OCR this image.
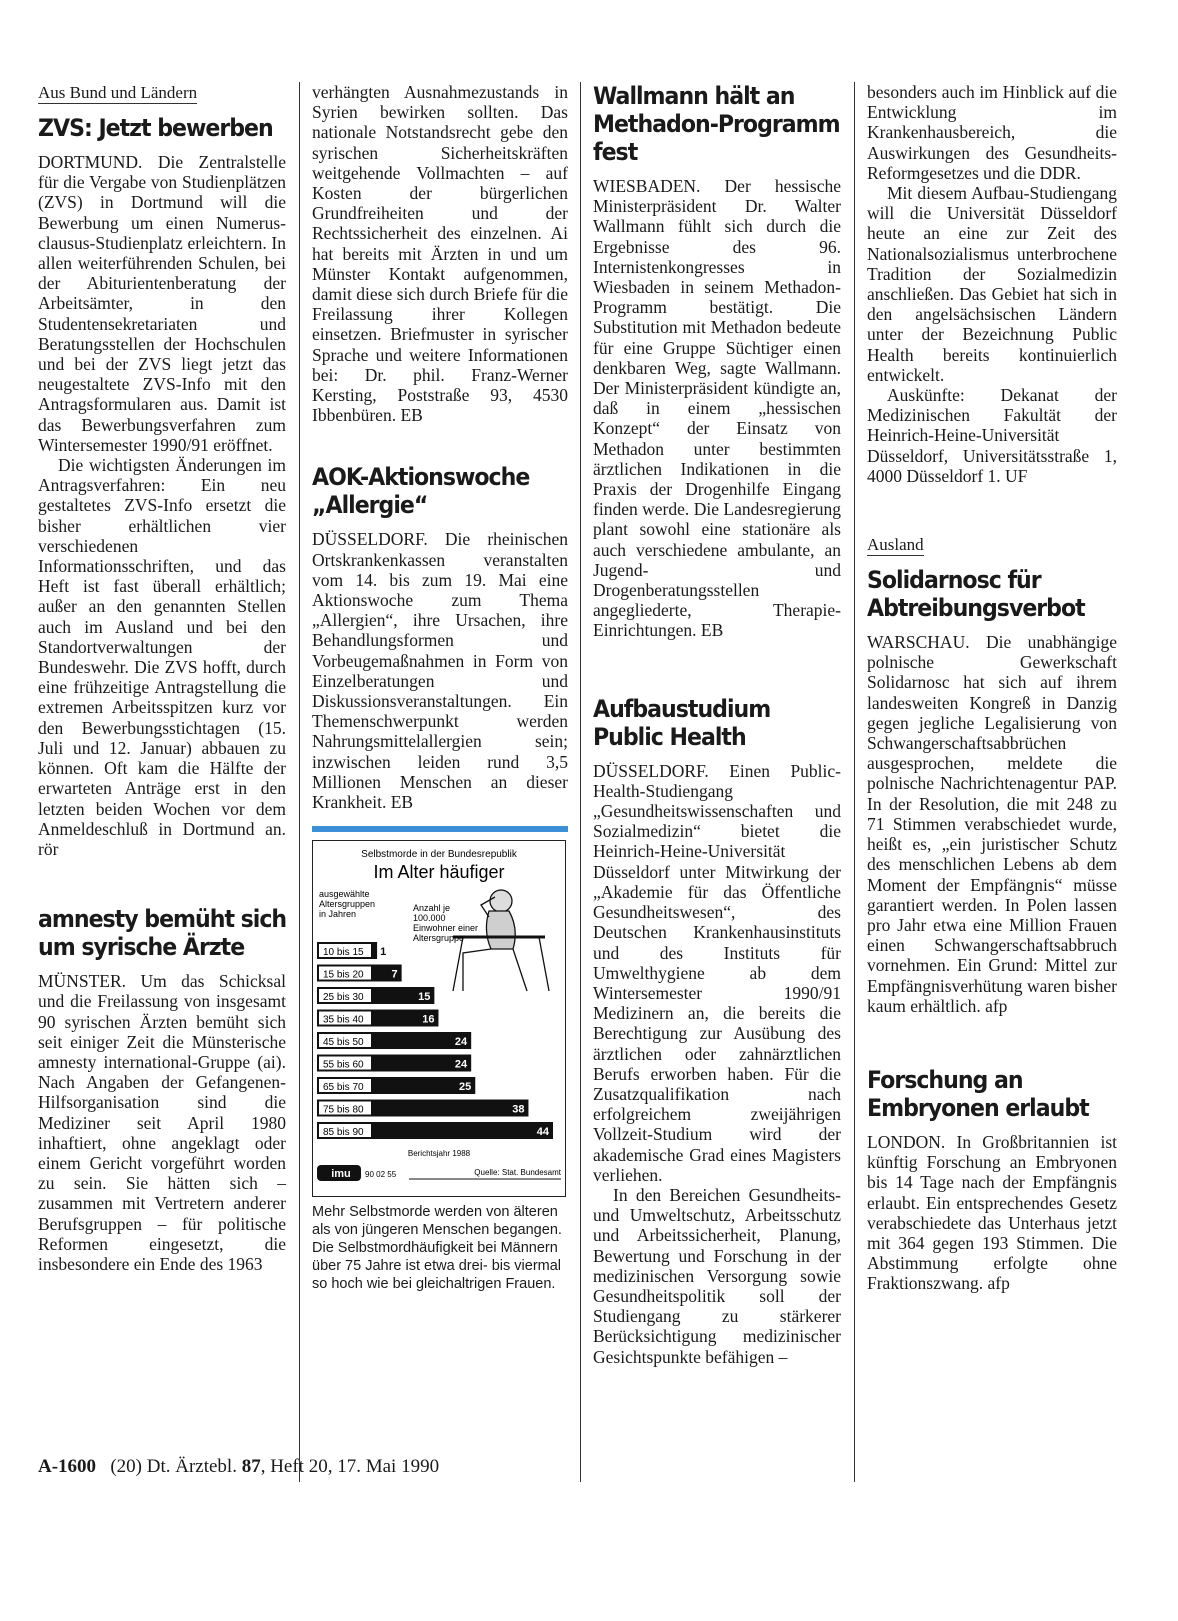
Aus Bund und Ländern
ZVS: Jetzt bewerben

DORTMUND. Die Zentralstelle für die Vergabe von Studienplätzen (ZVS) in Dortmund will die Bewerbung um einen Numerus-clausus-Studienplatz erleichtern. In allen weiterführenden Schulen, bei der Abiturientenberatung der Arbeitsämter, in den Studentensekretariaten und Beratungsstellen der Hochschulen und bei der ZVS liegt jetzt das neugestaltete ZVS-Info mit den Antragsformularen aus. Damit ist das Bewerbungsverfahren zum Wintersemester 1990/91 eröffnet.

Die wichtigsten Änderungen im Antragsverfahren: Ein neu gestaltetes ZVS-Info ersetzt die bisher erhältlichen vier verschiedenen Informationsschriften, und das Heft ist fast überall erhältlich; außer an den genannten Stellen auch im Ausland und bei den Standortverwaltungen der Bundeswehr. Die ZVS hofft, durch eine frühzeitige Antragstellung die extremen Arbeitsspitzen kurz vor den Bewerbungsstichtagen (15. Juli und 12. Januar) abbauen zu können. Oft kam die Hälfte der erwarteten Anträge erst in den letzten beiden Wochen vor dem Anmeldeschluß in Dortmund an. rör

amnesty bemüht sich
um syrische Ärzte

MÜNSTER. Um das Schicksal und die Freilassung von insgesamt 90 syrischen Ärzten bemüht sich seit einiger Zeit die Münsterische amnesty international-Gruppe (ai). Nach Angaben der Gefangenen-Hilfsorganisation sind die Mediziner seit April 1980 inhaftiert, ohne angeklagt oder einem Gericht vorgeführt worden zu sein. Sie hätten sich – zusammen mit Vertretern anderer Berufsgruppen – für politische Reformen eingesetzt, die insbesondere ein Ende des 1963

verhängten Ausnahmezustands in Syrien bewirken sollten. Das nationale Notstandsrecht gebe den syrischen Sicherheitskräften weitgehende Vollmachten – auf Kosten der bürgerlichen Grundfreiheiten und der Rechtssicherheit des einzelnen. Ai hat bereits mit Ärzten in und um Münster Kontakt aufgenommen, damit diese sich durch Briefe für die Freilassung ihrer Kollegen einsetzen. Briefmuster in syrischer Sprache und weitere Informationen bei: Dr. phil. Franz-Werner Kersting, Poststraße 93, 4530 Ibbenbüren. EB

AOK-Aktionswoche
„Allergie“

DÜSSELDORF. Die rheinischen Ortskrankenkassen veranstalten vom 14. bis zum 19. Mai eine Aktionswoche zum Thema „Allergien“, ihre Ursachen, ihre Behandlungsformen und Vorbeugemaßnahmen in Form von Einzelberatungen und Diskussionsveranstaltungen. Ein Themenschwerpunkt werden Nahrungsmittelallergien sein; inzwischen leiden rund 3,5 Millionen Menschen an dieser Krankheit. EB

Selbstmorde in der Bundesrepublik
Im Alter häufiger
ausgewählte
Altersgruppen
in Jahren
Anzahl je
100.000
Einwohner einer
Altersgruppe
10 bis 15 1
15 bis 20	7
25 bis 30	15
35 bis 40	16
45 bis 50	24
55 bis 60	24
65 bis 70	25
75 bis 80	38
85 bis 90	44
Berichtsjahr 1988
imu 90 02 55	Quelle: Stat. Bundesamt
Mehr Selbstmorde werden von älteren als von jüngeren Menschen begangen. Die Selbstmordhäufigkeit bei Männern über 75 Jahre ist etwa drei- bis viermal so hoch wie bei gleichaltrigen Frauen.
Wallmann hält an
Methadon-Programm
fest

WIESBADEN. Der hessische Ministerpräsident Dr. Walter Wallmann fühlt sich durch die Ergebnisse des 96. Internistenkongresses in Wiesbaden in seinem Methadon-Programm bestätigt. Die Substitution mit Methadon bedeute für eine Gruppe Süchtiger einen denkbaren Weg, sagte Wallmann. Der Ministerpräsident kündigte an, daß in einem „hessischen Konzept“ der Einsatz von Methadon unter bestimmten ärztlichen Indikationen in die Praxis der Drogenhilfe Eingang finden werde. Die Landesregierung plant sowohl eine stationäre als auch verschiedene ambulante, an Jugend- und Drogenberatungsstellen angegliederte, Therapie-Einrichtungen. EB

Aufbaustudium
Public Health

DÜSSELDORF. Einen Public-Health-Studiengang „Gesundheitswissenschaften und Sozialmedizin“ bietet die Heinrich-Heine-Universität Düsseldorf unter Mitwirkung der „Akademie für das Öffentliche Gesundheitswesen“, des Deutschen Krankenhausinstituts und des Instituts für Umwelthygiene ab dem Wintersemester 1990/91 Medizinern an, die bereits die Berechtigung zur Ausübung des ärztlichen oder zahnärztlichen Berufs erworben haben. Für die Zusatzqualifikation nach erfolgreichem zweijährigen Vollzeit-Studium wird der akademische Grad eines Magisters verliehen.

In den Bereichen Gesundheits- und Umweltschutz, Arbeitsschutz und Arbeitssicherheit, Planung, Bewertung und Forschung in der medizinischen Versorgung sowie Gesundheitspolitik soll der Studiengang zu stärkerer Berücksichtigung medizinischer Gesichtspunkte befähigen –

besonders auch im Hinblick auf die Entwicklung im Krankenhausbereich, die Auswirkungen des Gesundheits-Reformgesetzes und die DDR.

Mit diesem Aufbau-Studiengang will die Universität Düsseldorf heute an eine zur Zeit des Nationalsozialismus unterbrochene Tradition der Sozialmedizin anschließen. Das Gebiet hat sich in den angelsächsischen Ländern unter der Bezeichnung Public Health bereits kontinuierlich entwickelt.

Auskünfte: Dekanat der Medizinischen Fakultät der Heinrich-Heine-Universität Düsseldorf, Universitätsstraße 1, 4000 Düsseldorf 1. UF

Ausland
Solidarnosc für
Abtreibungsverbot

WARSCHAU. Die unabhängige polnische Gewerkschaft Solidarnosc hat sich auf ihrem landesweiten Kongreß in Danzig gegen jegliche Legalisierung von Schwangerschaftsabbrüchen ausgesprochen, meldete die polnische Nachrichtenagentur PAP. In der Resolution, die mit 248 zu 71 Stimmen verabschiedet wurde, heißt es, „ein juristischer Schutz des menschlichen Lebens ab dem Moment der Empfängnis“ müsse garantiert werden. In Polen lassen pro Jahr etwa eine Million Frauen einen Schwangerschaftsabbruch vornehmen. Ein Grund: Mittel zur Empfängnisverhütung waren bisher kaum erhältlich. afp

Forschung an
Embryonen erlaubt

LONDON. In Großbritannien ist künftig Forschung an Embryonen bis 14 Tage nach der Empfängnis erlaubt. Ein entsprechendes Gesetz verabschiedete das Unterhaus jetzt mit 364 gegen 193 Stimmen. Die Abstimmung erfolgte ohne Fraktionszwang. afp

A-1600 (20) Dt. Ärztebl. 87, Heft 20, 17. Mai 1990
